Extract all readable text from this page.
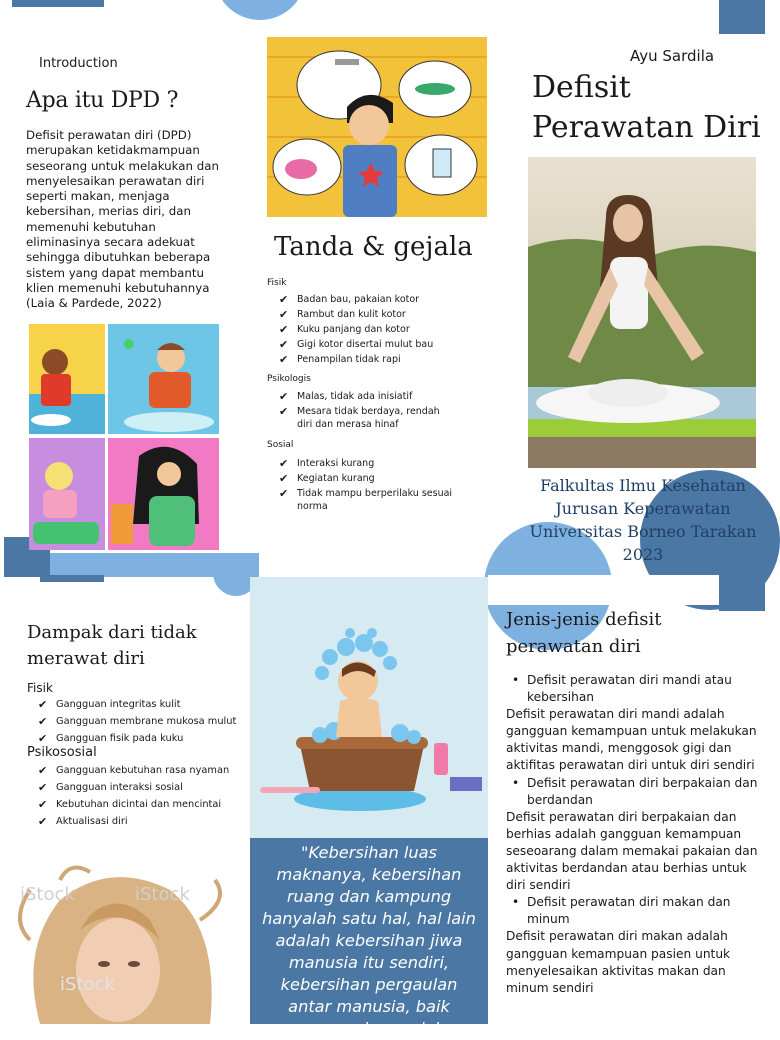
Introduction
Apa itu DPD ?
Defisit perawatan diri (DPD) merupakan ketidakmampuan seseorang untuk melakukan dan menyelesaikan perawatan diri seperti makan, menjaga kebersihan, merias diri, dan memenuhi kebutuhan eliminasinya secara adekuat sehingga dibutuhkan beberapa sistem yang dapat membantu klien memenuhi kebutuhannya (Laia & Pardede, 2022)
Tanda & gejala
Fisik
✔ Badan bau, pakaian kotor
✔ Rambut dan kulit kotor
✔ Kuku panjang dan kotor
✔ Gigi kotor disertai mulut bau
✔ Penampilan tidak rapi
Psikologis
✔ Malas, tidak ada inisiatif
✔ Mesara tidak berdaya, rendah diri dan merasa hinaf
Sosial
✔ Interaksi kurang
✔ Kegiatan kurang
✔ Tidak mampu berperilaku sesuai norma
Ayu Sardila
Defisit
Perawatan Diri
Falkultas Ilmu Kesehatan
Jurusan Keperawatan
Universitas Borneo Tarakan
2023
Dampak dari tidak merawat diri
Fisik
✔ Gangguan integritas kulit
✔ Gangguan membrane mukosa mulut
✔ Gangguan fisik pada kuku
Psikososial
✔ Gangguan kebutuhan rasa nyaman
✔ Gangguan interaksi sosial
✔ Kebutuhan dicintai dan mencintai
✔ Aktualisasi diri
iStock	iStock
iStock
"Kebersihan luas maknanya, kebersihan ruang dan kampung hanyalah satu hal, hal lain adalah kebersihan jiwa manusia itu sendiri, kebersihan pergaulan antar manusia, baik secara dan sosial
Jenis-jenis defisit perawatan diri
• Defisit perawatan diri mandi atau kebersihan
Defisit perawatan diri mandi adalah gangguan kemampuan untuk melakukan aktivitas mandi, menggosok gigi dan aktifitas perawatan diri untuk diri sendiri
• Defisit perawatan diri berpakaian dan berdandan
Defisit perawatan diri berpakaian dan berhias adalah gangguan kemampuan seseoarang dalam memakai pakaian dan aktivitas berdandan atau berhias untuk diri sendiri
• Defisit perawatan diri makan dan minum
Defisit perawatan diri makan adalah gangguan kemampuan pasien untuk menyelesaikan aktivitas makan dan minum sendiri
